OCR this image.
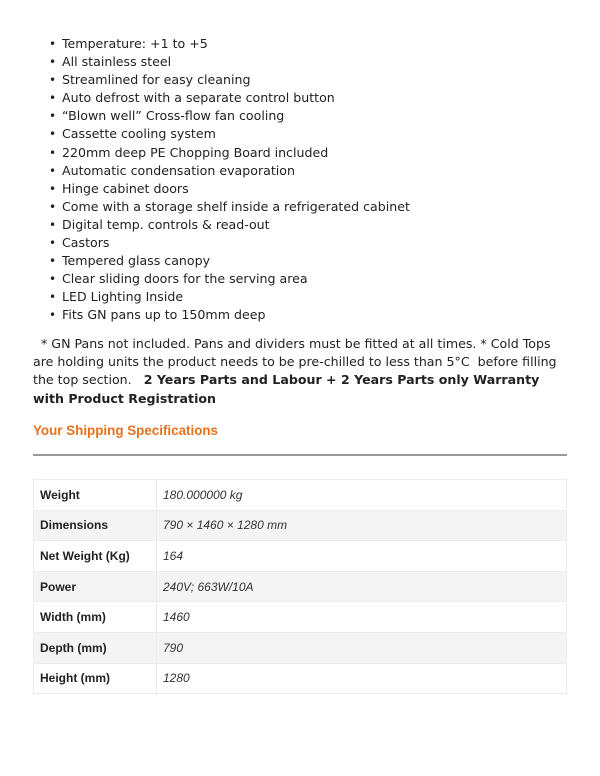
• Temperature: +1 to +5
• All stainless steel
• Streamlined for easy cleaning
• Auto defrost with a separate control button
• “Blown well” Cross-flow fan cooling
• Cassette cooling system
• 220mm deep PE Chopping Board included
• Automatic condensation evaporation
• Hinge cabinet doors
• Come with a storage shelf inside a refrigerated cabinet
• Digital temp. controls & read-out
• Castors
• Tempered glass canopy
• Clear sliding doors for the serving area
• LED Lighting Inside
• Fits GN pans up to 150mm deep

* GN Pans not included. Pans and dividers must be fitted at all times. * Cold Tops are holding units the product needs to be pre-chilled to less than 5°C  before filling the top section.   2 Years Parts and Labour + 2 Years Parts only Warranty with Product Registration

Your Shipping Specifications
Weight	180.000000 kg
Dimensions	790 × 1460 × 1280 mm
Net Weight (Kg)	164
Power	240V; 663W/10A
Width (mm)	1460
Depth (mm)	790
Height (mm)	1280
